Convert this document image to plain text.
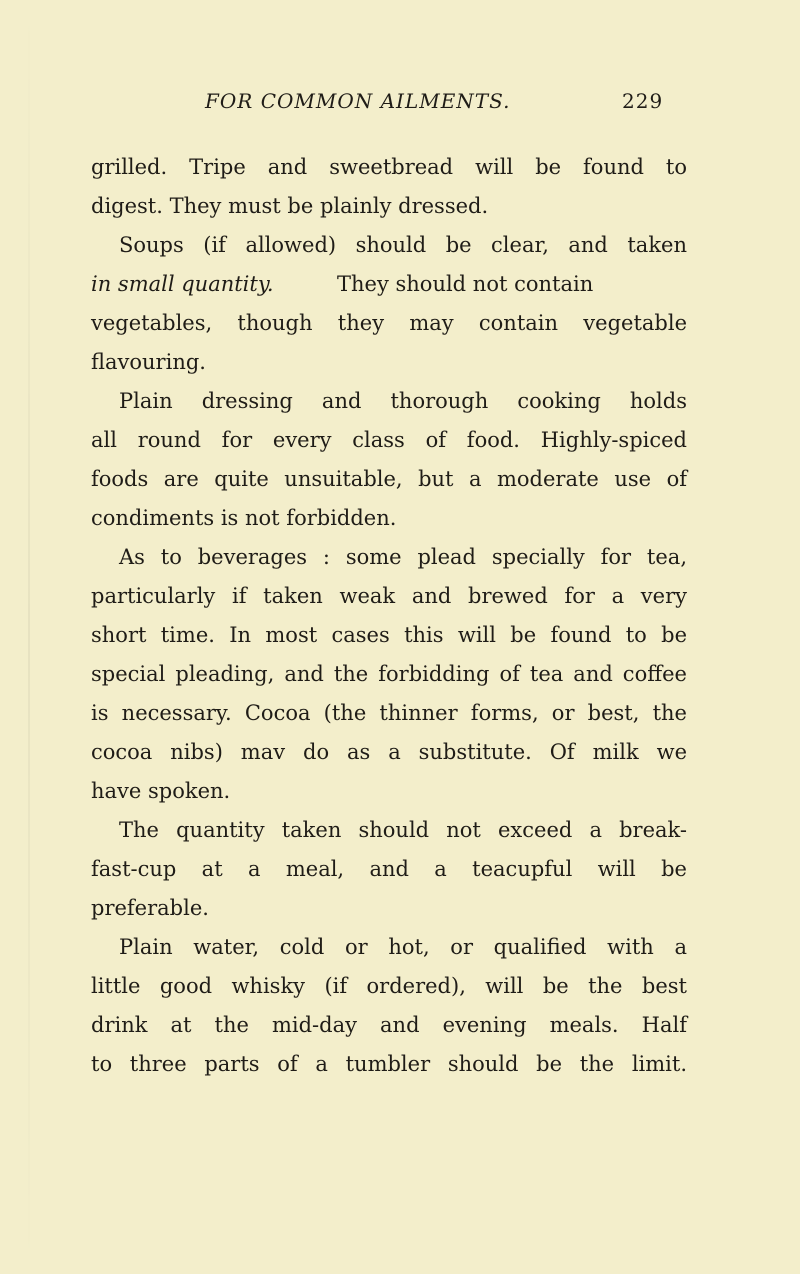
FOR COMMON AILMENTS.	229
grilled. Tripe and sweetbread will be found to
digest. They must be plainly dressed.
Soups (if allowed) should be clear, and taken
in small quantity.	They should not contain
vegetables, though they may contain vegetable
flavouring.
Plain dressing and thorough cooking holds
all round for every class of food. Highly-spiced
foods are quite unsuitable, but a moderate use of
condiments is not forbidden.
As to beverages : some plead specially for tea,
particularly if taken weak and brewed for a very
short time. In most cases this will be found to be
special pleading, and the forbidding of tea and coffee
is necessary. Cocoa (the thinner forms, or best, the
cocoa nibs) mav do as a substitute. Of milk we
have spoken.
The quantity taken should not exceed a break-
fast-cup at a meal, and a teacupful will be
preferable.
Plain water, cold or hot, or qualified with a
little good whisky (if ordered), will be the best
drink at the mid-day and evening meals. Half
to three parts of a tumbler should be the limit.
